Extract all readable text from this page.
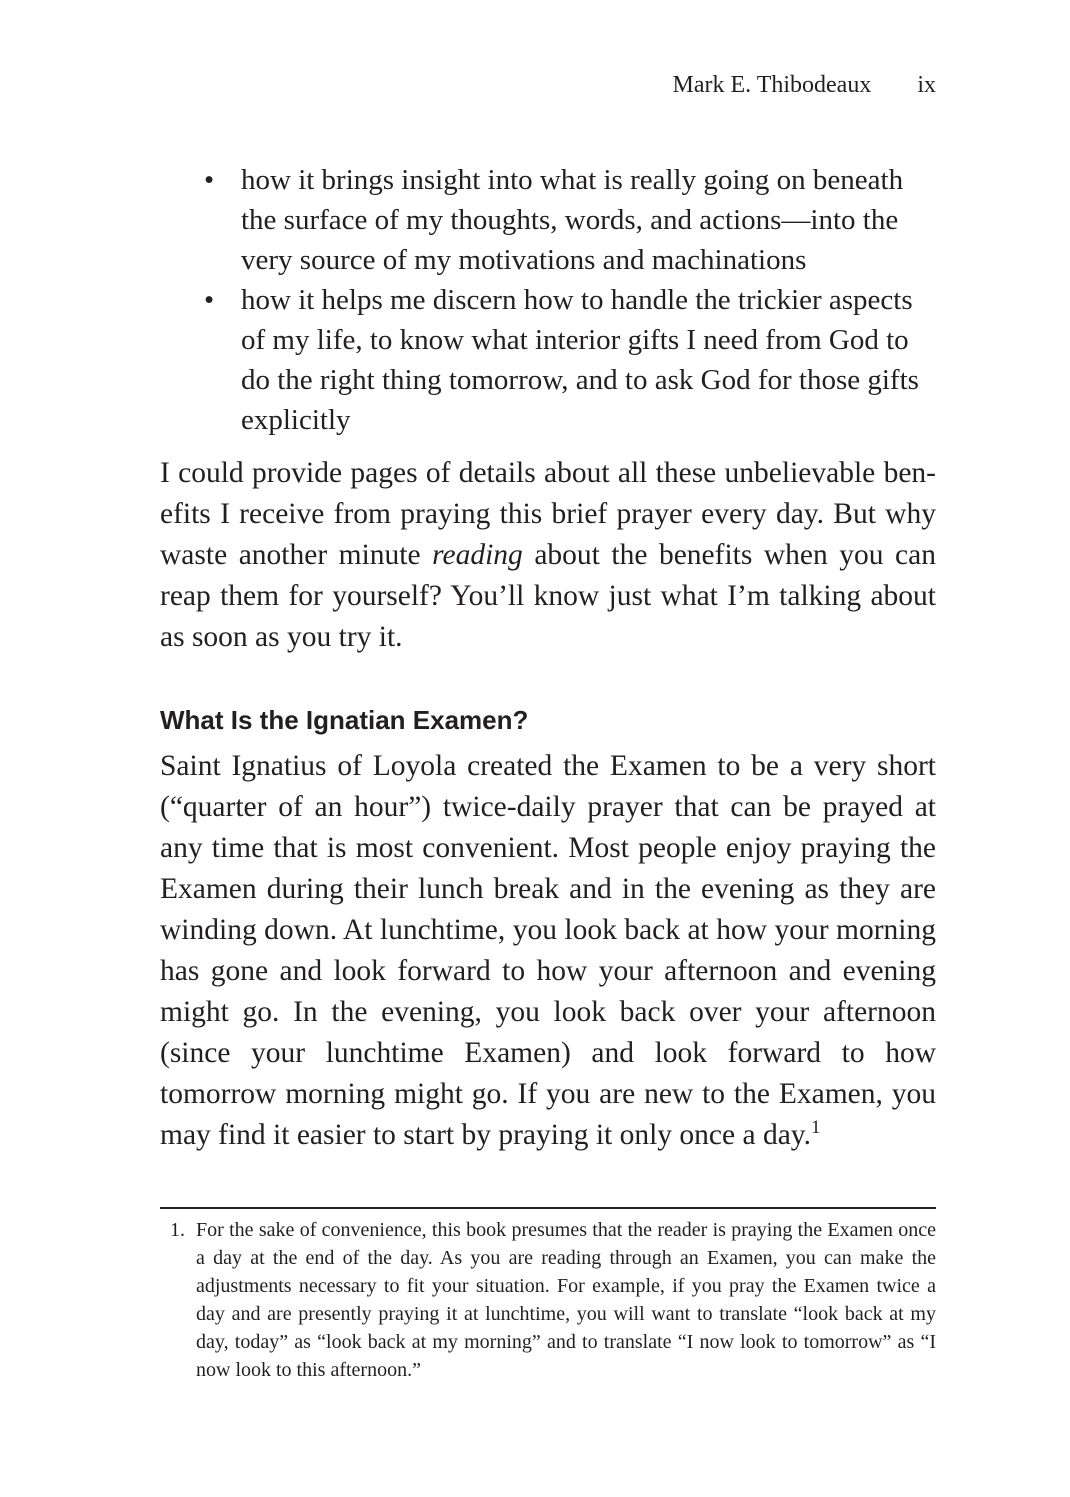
Mark E. Thibodeaux ix
• how it brings insight into what is really going on beneath the surface of my thoughts, words, and actions—into the very source of my motivations and machinations
• how it helps me discern how to handle the trickier aspects of my life, to know what interior gifts I need from God to do the right thing tomorrow, and to ask God for those gifts explicitly

I could provide pages of details about all these unbelievable benefits I receive from praying this brief prayer every day. But why waste another minute reading about the benefits when you can reap them for yourself? You’ll know just what I’m talking about as soon as you try it.

What Is the Ignatian Examen?

Saint Ignatius of Loyola created the Examen to be a very short (“quarter of an hour”) twice-daily prayer that can be prayed at any time that is most convenient. Most people enjoy praying the Examen during their lunch break and in the evening as they are winding down. At lunchtime, you look back at how your morning has gone and look forward to how your afternoon and evening might go. In the evening, you look back over your afternoon (since your lunchtime Examen) and look forward to how tomorrow morning might go. If you are new to the Examen, you may find it easier to start by praying it only once a day.$^1$

1. For the sake of convenience, this book presumes that the reader is praying the Examen once a day at the end of the day. As you are reading through an Examen, you can make the adjustments necessary to fit your situation. For example, if you pray the Examen twice a day and are presently praying it at lunchtime, you will want to translate “look back at my day, today” as “look back at my morning” and to translate “I now look to tomorrow” as “I now look to this afternoon.”
